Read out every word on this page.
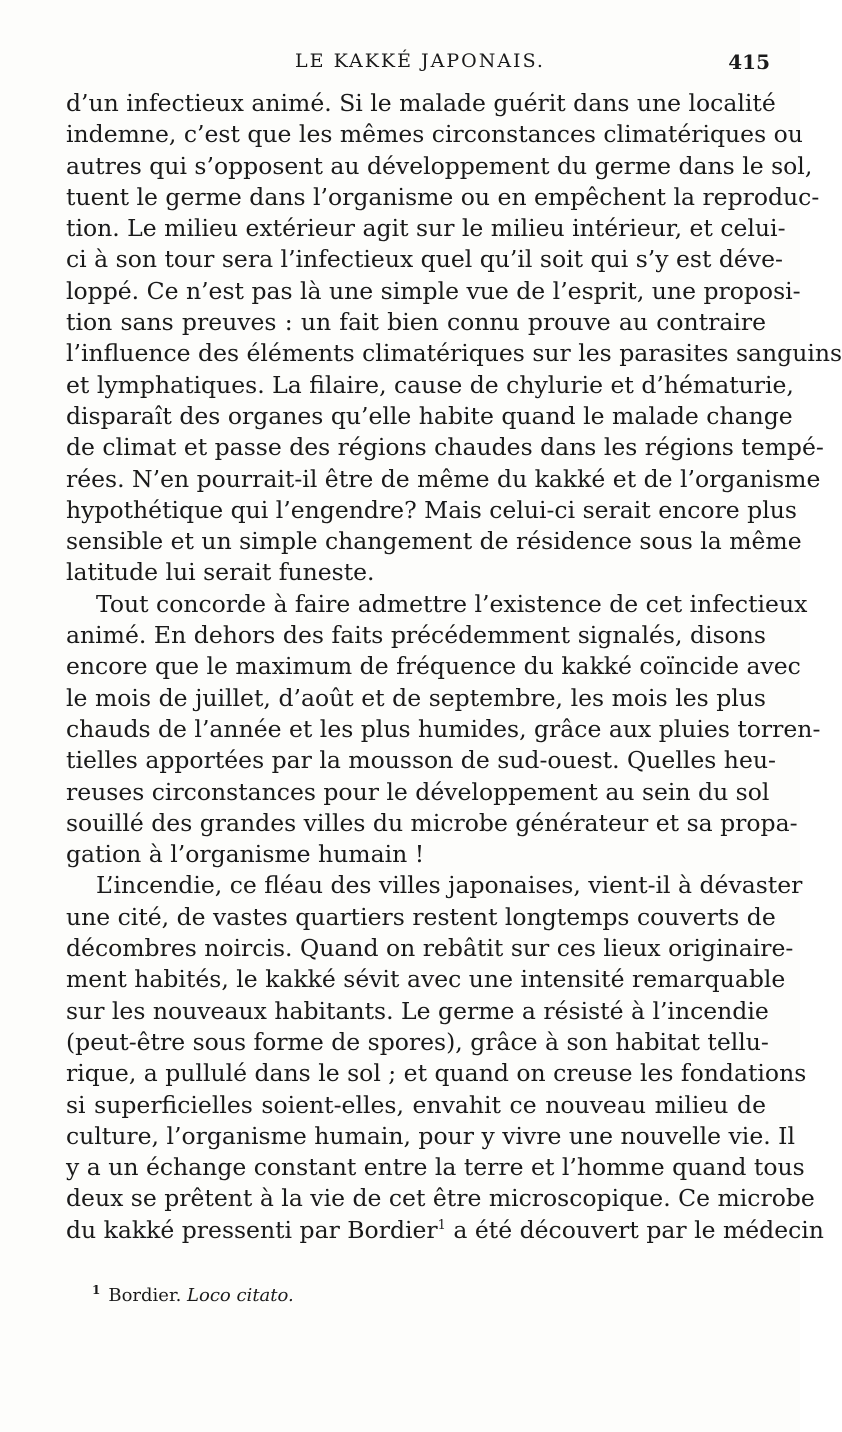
LE KAKKÉ JAPONAIS.	415
d’un infectieux animé. Si le malade guérit dans une localité
indemne, c’est que les mêmes circonstances climatériques ou
autres qui s’opposent au développement du germe dans le sol,
tuent le germe dans l’organisme ou en empêchent la reproduc-
tion. Le milieu extérieur agit sur le milieu intérieur, et celui-
ci à son tour sera l’infectieux quel qu’il soit qui s’y est déve-
loppé. Ce n’est pas là une simple vue de l’esprit, une proposi-
tion sans preuves : un fait bien connu prouve au contraire
l’influence des éléments climatériques sur les parasites sanguins
et lymphatiques. La filaire, cause de chylurie et d’hématurie,
disparaît des organes qu’elle habite quand le malade change
de climat et passe des régions chaudes dans les régions tempé-
rées. N’en pourrait-il être de même du kakké et de l’organisme
hypothétique qui l’engendre? Mais celui-ci serait encore plus
sensible et un simple changement de résidence sous la même
latitude lui serait funeste.
Tout concorde à faire admettre l’existence de cet infectieux
animé. En dehors des faits précédemment signalés, disons
encore que le maximum de fréquence du kakké coïncide avec
le mois de juillet, d’août et de septembre, les mois les plus
chauds de l’année et les plus humides, grâce aux pluies torren-
tielles apportées par la mousson de sud-ouest. Quelles heu-
reuses circonstances pour le développement au sein du sol
souillé des grandes villes du microbe générateur et sa propa-
gation à l’organisme humain !
L’incendie, ce fléau des villes japonaises, vient-il à dévaster
une cité, de vastes quartiers restent longtemps couverts de
décombres noircis. Quand on rebâtit sur ces lieux originaire-
ment habités, le kakké sévit avec une intensité remarquable
sur les nouveaux habitants. Le germe a résisté à l’incendie
(peut-être sous forme de spores), grâce à son habitat tellu-
rique, a pullulé dans le sol ; et quand on creuse les fondations
si superficielles soient-elles, envahit ce nouveau milieu de
culture, l’organisme humain, pour y vivre une nouvelle vie. Il
y a un échange constant entre la terre et l’homme quand tous
deux se prêtent à la vie de cet être microscopique. Ce microbe
du kakké pressenti par Bordier$^1$ a été découvert par le médecin
$^1$ Bordier. Loco citato.
